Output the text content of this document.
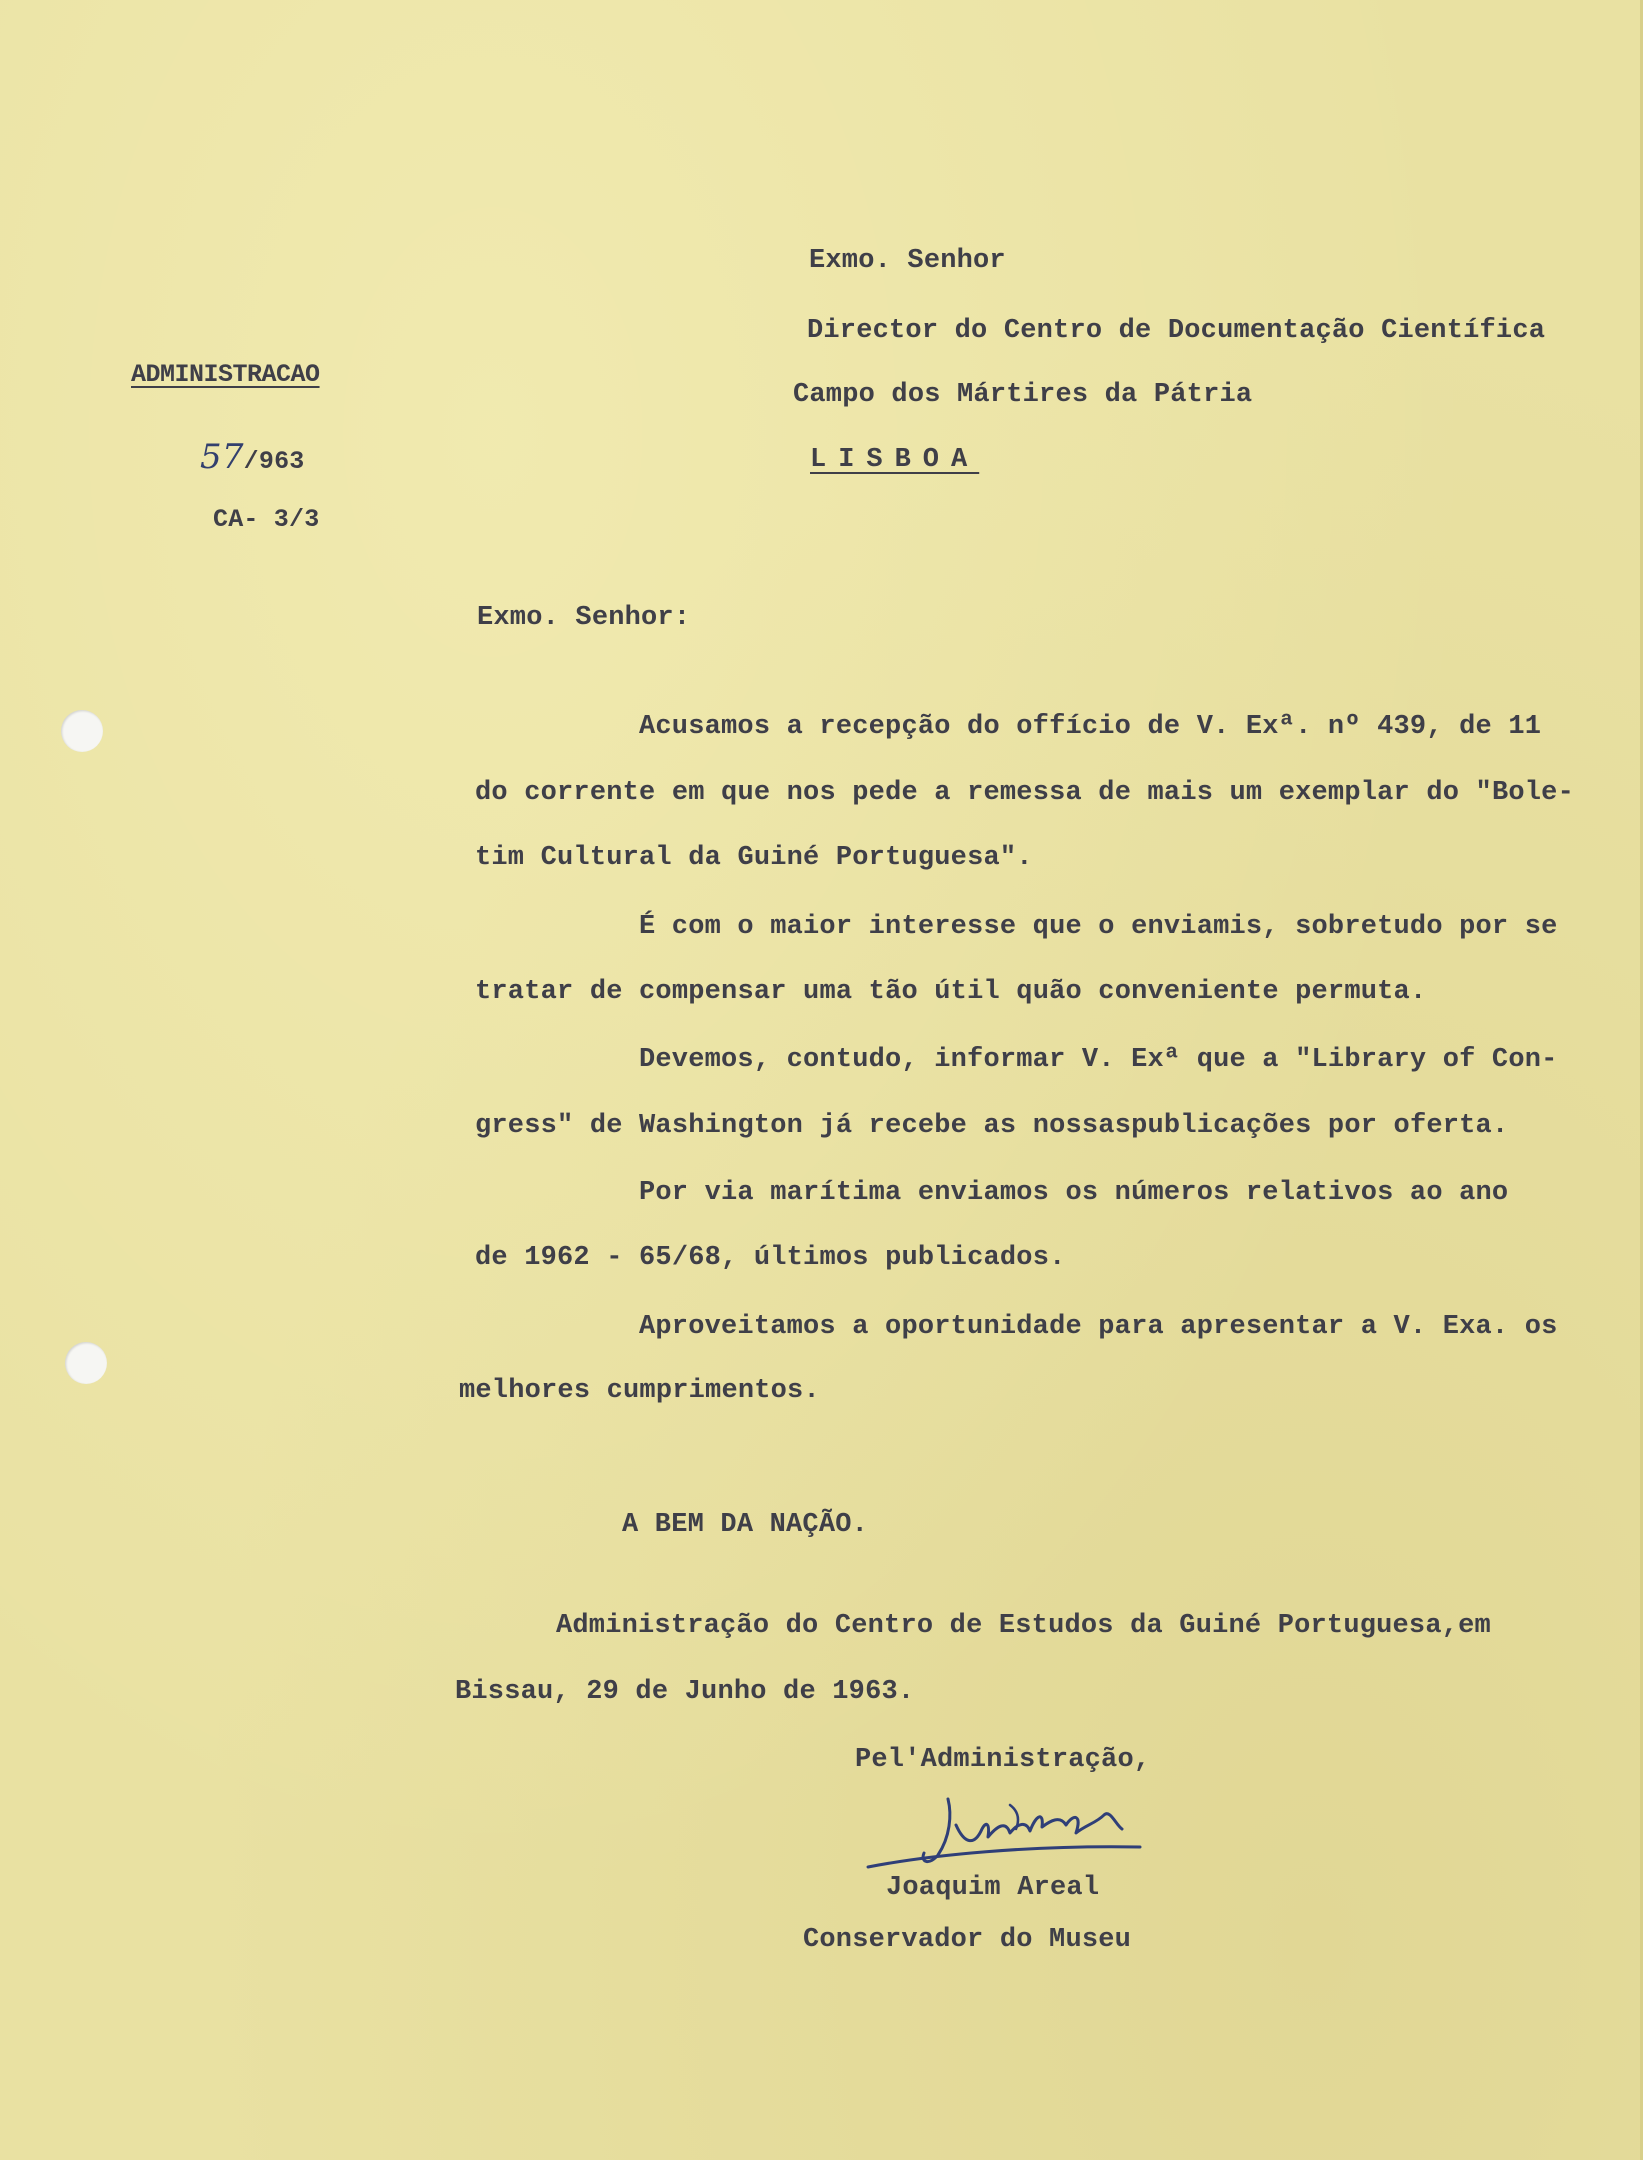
ADMINISTRACAO
57/963
CA- 3/3
Exmo. Senhor
Director do Centro de Documentação Científica
Campo dos Mártires da Pátria
LISBOA
Exmo. Senhor:
Acusamos a recepção do offício de V. Exª. nº 439, de 11
do corrente em que nos pede a remessa de mais um exemplar do "Bole-
tim Cultural da Guiné Portuguesa".
É com o maior interesse que o enviamis, sobretudo por se
tratar de compensar uma tão útil quão conveniente permuta.
Devemos, contudo, informar V. Exª que a "Library of Con-
gress" de Washington já recebe as nossaspublicações por oferta.
Por via marítima enviamos os números relativos ao ano
de 1962 - 65/68, últimos publicados.
Aproveitamos a oportunidade para apresentar a V. Exa. os
melhores cumprimentos.
A BEM DA NAÇÃO.
Administração do Centro de Estudos da Guiné Portuguesa,em
Bissau, 29 de Junho de 1963.
Pel'Administração,
Joaquim Areal
Conservador do Museu
